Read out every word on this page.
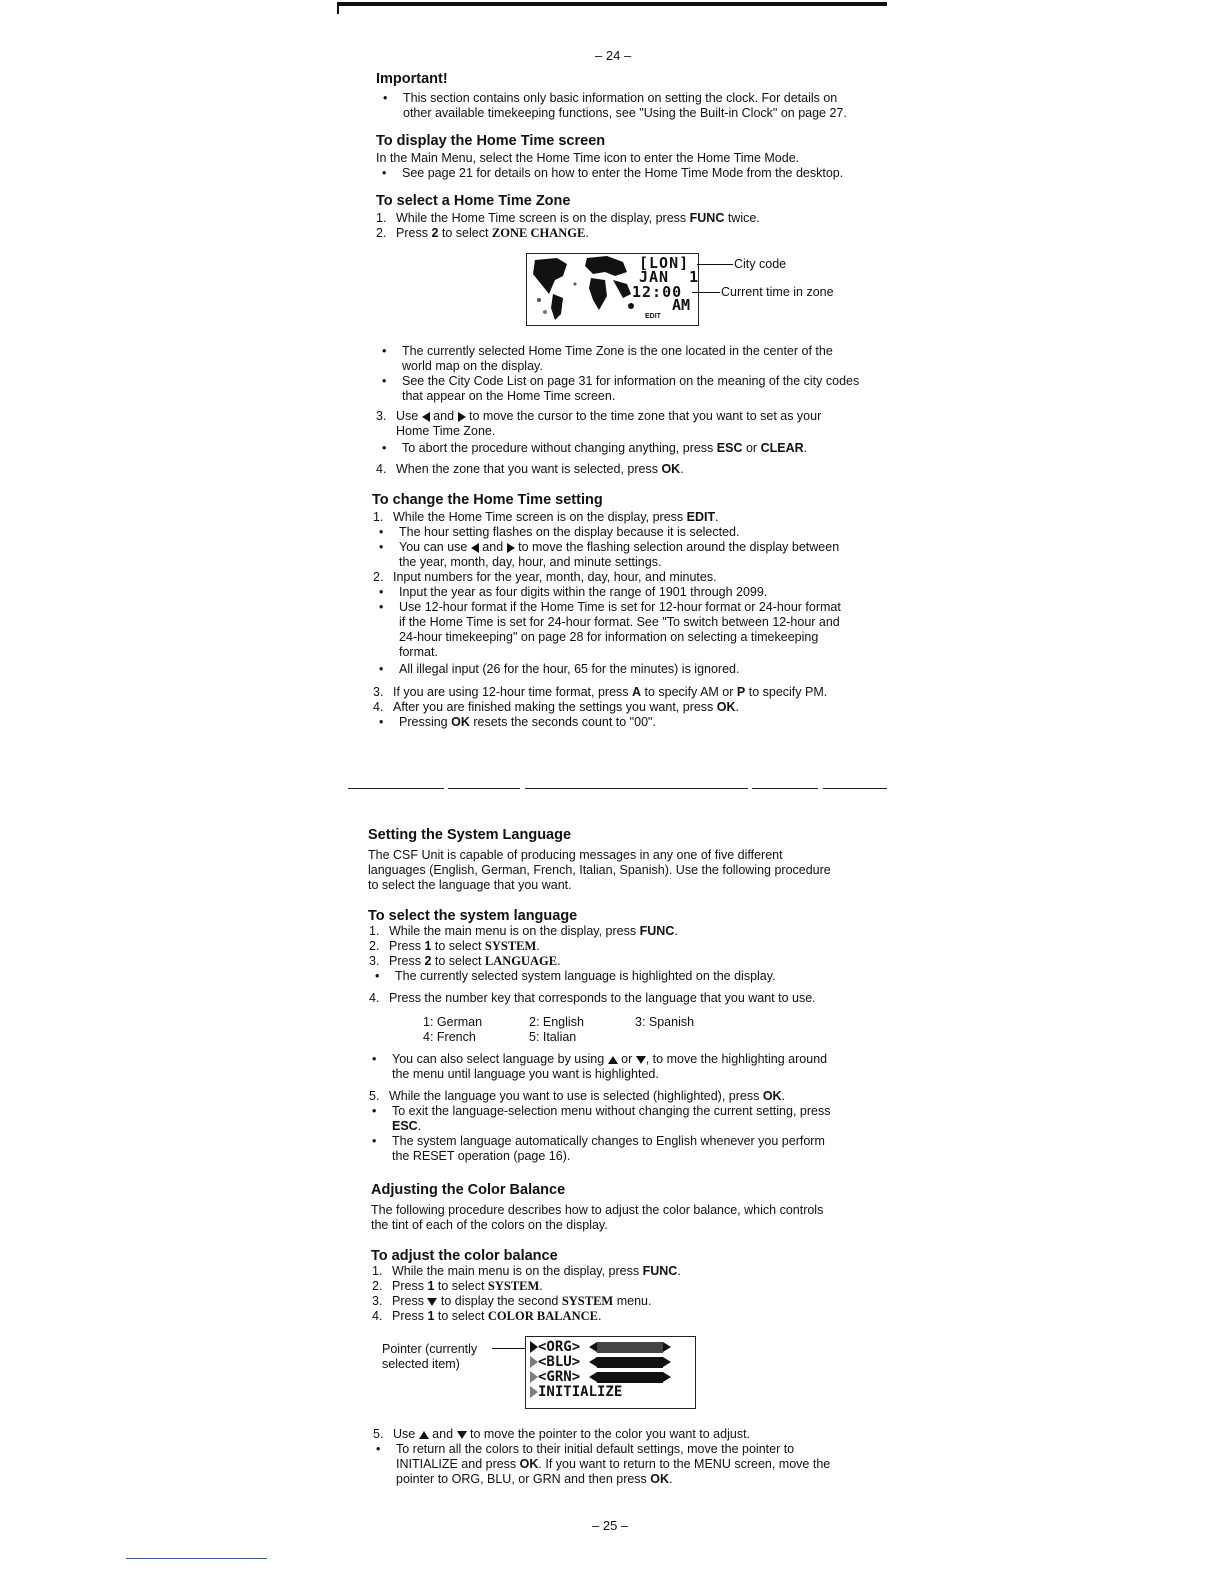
– 24 –
Important!
• This section contains only basic information on setting the clock. For details on
other available timekeeping functions, see "Using the Built-in Clock" on page 27.
To display the Home Time screen
In the Main Menu, select the Home Time icon to enter the Home Time Mode.
• See page 21 for details on how to enter the Home Time Mode from the desktop.
To select a Home Time Zone
1. While the Home Time screen is on the display, press FUNC twice.
2. Press 2 to select ZONE CHANGE.
[LON]
JAN  1
12:00
AM
EDIT
City code
Current time in zone
• The currently selected Home Time Zone is the one located in the center of the
world map on the display.
• See the City Code List on page 31 for information on the meaning of the city codes
that appear on the Home Time screen.
3. Use  and  to move the cursor to the time zone that you want to set as your
Home Time Zone.
• To abort the procedure without changing anything, press ESC or CLEAR.
4. When the zone that you want is selected, press OK.
To change the Home Time setting
1. While the Home Time screen is on the display, press EDIT.
• The hour setting flashes on the display because it is selected.
• You can use  and  to move the flashing selection around the display between
the year, month, day, hour, and minute settings.
2. Input numbers for the year, month, day, hour, and minutes.
• Input the year as four digits within the range of 1901 through 2099.
• Use 12-hour format if the Home Time is set for 12-hour format or 24-hour format
if the Home Time is set for 24-hour format. See "To switch between 12-hour and
24-hour timekeeping" on page 28 for information on selecting a timekeeping
format.
• All illegal input (26 for the hour, 65 for the minutes) is ignored.
3. If you are using 12-hour time format, press A to specify AM or P to specify PM.
4. After you are finished making the settings you want, press OK.
• Pressing OK resets the seconds count to "00".
Setting the System Language
The CSF Unit is capable of producing messages in any one of five different
languages (English, German, French, Italian, Spanish). Use the following procedure
to select the language that you want.
To select the system language
1. While the main menu is on the display, press FUNC.
2. Press 1 to select SYSTEM.
3. Press 2 to select LANGUAGE.
• The currently selected system language is highlighted on the display.
4. Press the number key that corresponds to the language that you want to use.
1: German	2: English	3: Spanish
4: French	5: Italian
• You can also select language by using  or , to move the highlighting around
the menu until language you want is highlighted.
5. While the language you want to use is selected (highlighted), press OK.
• To exit the language-selection menu without changing the current setting, press
ESC.
• The system language automatically changes to English whenever you perform
the RESET operation (page 16).
Adjusting the Color Balance
The following procedure describes how to adjust the color balance, which controls
the tint of each of the colors on the display.
To adjust the color balance
1. While the main menu is on the display, press FUNC.
2. Press 1 to select SYSTEM.
3. Press  to display the second SYSTEM menu.
4. Press 1 to select COLOR BALANCE.
Pointer (currently
selected item)
<ORG>
<BLU>
<GRN>
INITIALIZE
5. Use  and  to move the pointer to the color you want to adjust.
• To return all the colors to their initial default settings, move the pointer to
INITIALIZE and press OK. If you want to return to the MENU screen, move the
pointer to ORG, BLU, or GRN and then press OK.
– 25 –
